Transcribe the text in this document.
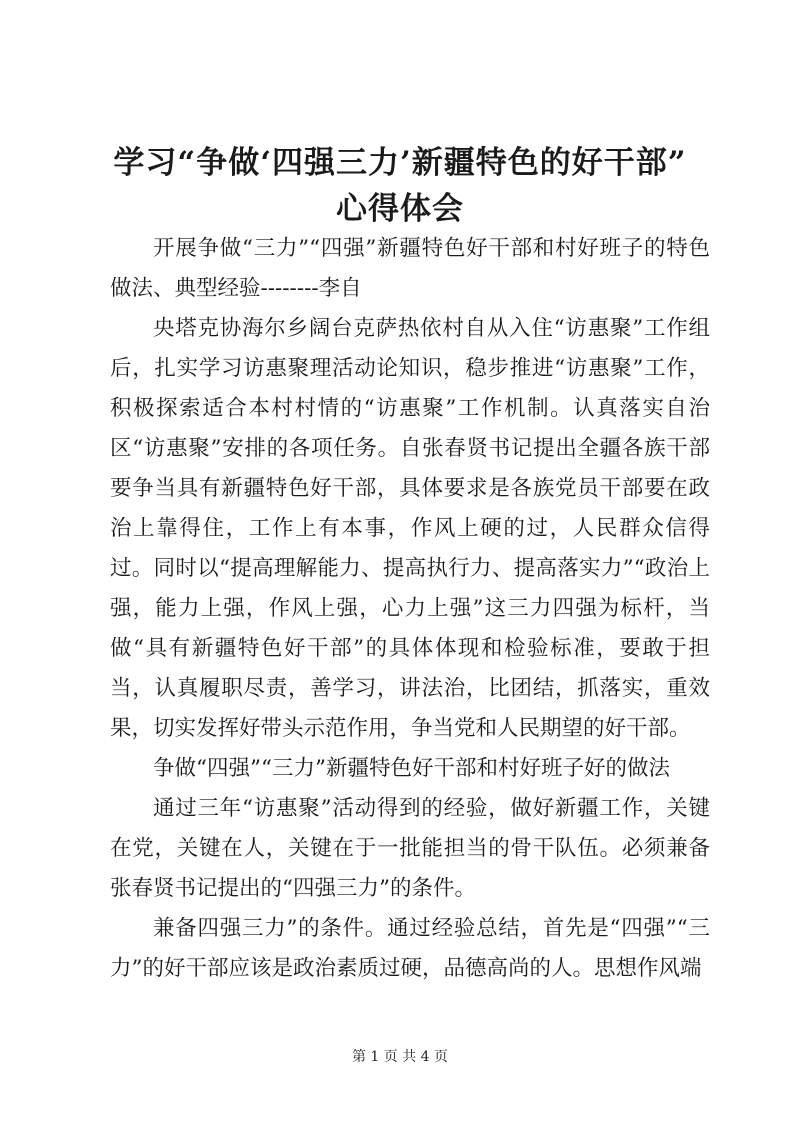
学习“争做‘四强三力’新疆特色的好干部”
心得体会

开展争做“三力”“四强”新疆特色好干部和村好班子的特色做法、典型经验--------李自

央塔克协海尔乡阔台克萨热依村自从入住“访惠聚”工作组后，扎实学习访惠聚理活动论知识，稳步推进“访惠聚”工作，积极探索适合本村村情的“访惠聚”工作机制。认真落实自治区“访惠聚”安排的各项任务。自张春贤书记提出全疆各族干部要争当具有新疆特色好干部，具体要求是各族党员干部要在政治上靠得住，工作上有本事，作风上硬的过，人民群众信得过。同时以“提高理解能力、提高执行力、提高落实力”“政治上强，能力上强，作风上强，心力上强”这三力四强为标杆，当做“具有新疆特色好干部”的具体体现和检验标准，要敢于担当，认真履职尽责，善学习，讲法治，比团结，抓落实，重效果，切实发挥好带头示范作用，争当党和人民期望的好干部。

争做“四强”“三力”新疆特色好干部和村好班子好的做法

通过三年“访惠聚”活动得到的经验，做好新疆工作，关键在党，关键在人，关键在于一批能担当的骨干队伍。必须兼备张春贤书记提出的“四强三力”的条件。

兼备四强三力”的条件。通过经验总结，首先是“四强”“三力”的好干部应该是政治素质过硬，品德高尚的人。思想作风端

第 1 页 共 4 页
